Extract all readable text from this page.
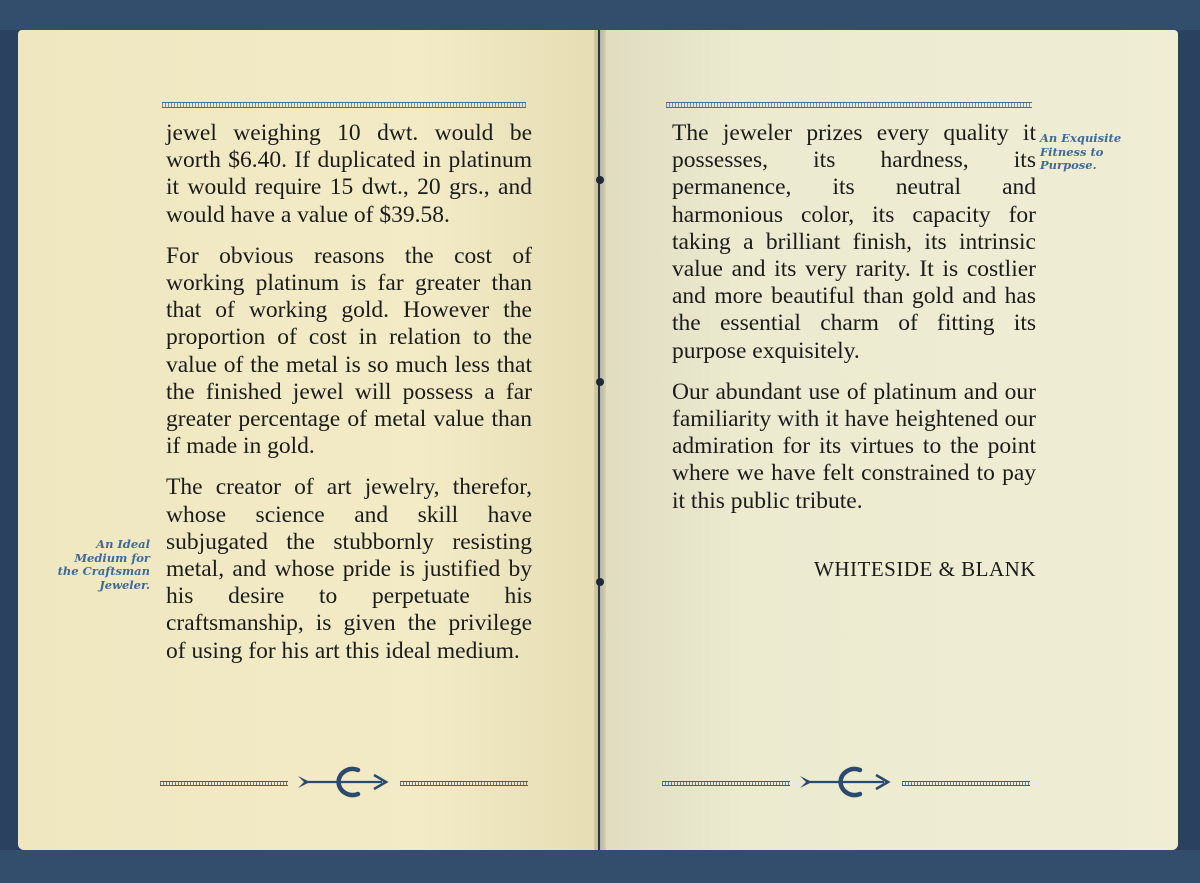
jewel weighing 10 dwt. would be worth $6.40. If duplicated in platinum it would require 15 dwt., 20 grs., and would have a value of $39.58.

For obvious reasons the cost of working platinum is far greater than that of working gold. However the proportion of cost in relation to the value of the metal is so much less that the finished jewel will possess a far greater percentage of metal value than if made in gold.

The creator of art jewelry, therefor, whose science and skill have subjugated the stubbornly resisting metal, and whose pride is justified by his desire to perpetuate his craftsmanship, is given the privilege of using for his art this ideal medium.

An Ideal Medium for the Craftsman Jeweler.

The jeweler prizes every quality it possesses, its hardness, its permanence, its neutral and harmonious color, its capacity for taking a brilliant finish, its intrinsic value and its very rarity. It is costlier and more beautiful than gold and has the essential charm of fitting its purpose exquisitely.

Our abundant use of platinum and our familiarity with it have heightened our admiration for its virtues to the point where we have felt constrained to pay it this public tribute.

An Exquisite Fitness to Purpose.
WHITESIDE & BLANK
